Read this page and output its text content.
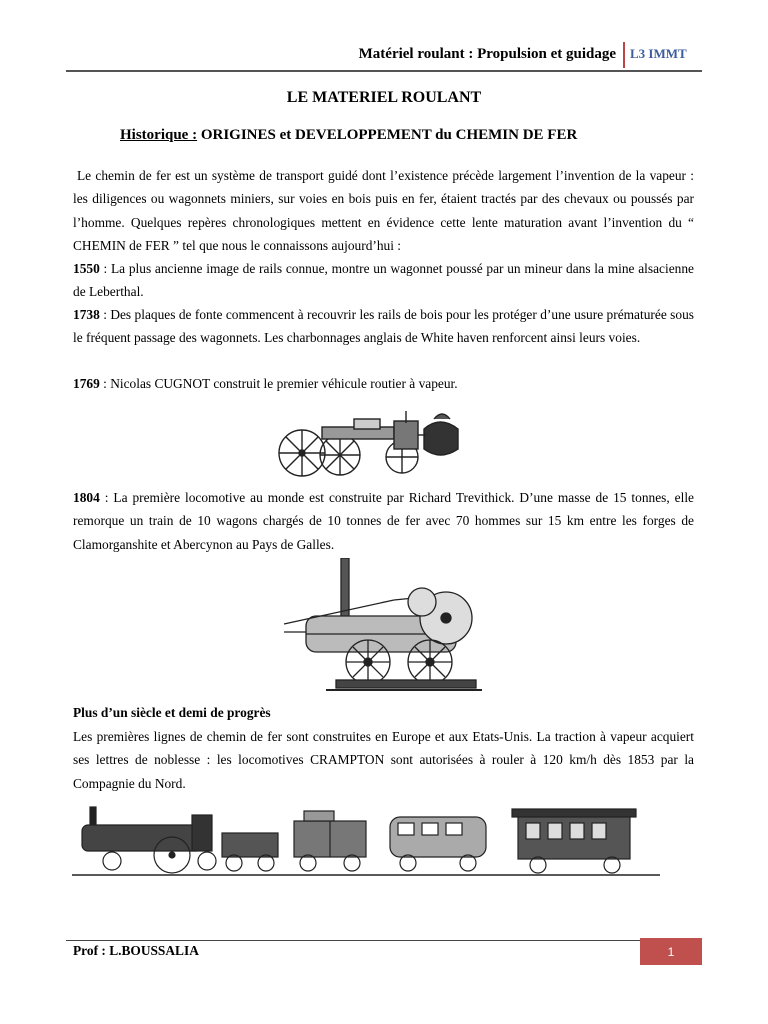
Matériel roulant : Propulsion et guidage L3 IMMT
LE MATERIEL ROULANT
Historique : ORIGINES et DEVELOPPEMENT du CHEMIN DE FER
Le chemin de fer est un système de transport guidé dont l’existence précède largement l’invention de la vapeur : les diligences ou wagonnets miniers, sur voies en bois puis en fer, étaient tractés par des chevaux ou poussés par l’homme. Quelques repères chronologiques mettent en évidence cette lente maturation avant l’invention du “ CHEMIN de FER ” tel que nous le connaissons aujourd’hui :
1550 : La plus ancienne image de rails connue, montre un wagonnet poussé par un mineur dans la mine alsacienne de Leberthal.
1738 : Des plaques de fonte commencent à recouvrir les rails de bois pour les protéger d’une usure prématurée sous le fréquent passage des wagonnets. Les charbonnages anglais de White haven renforcent ainsi leurs voies.
1769 : Nicolas CUGNOT construit le premier véhicule routier à vapeur.
1804 : La première locomotive au monde est construite par Richard Trevithick. D’une masse de 15 tonnes, elle remorque un train de 10 wagons chargés de 10 tonnes de fer avec 70 hommes sur 15 km entre les forges de Clamorganshite et Abercynon au Pays de Galles.
Plus d’un siècle et demi de progrès
Les premières lignes de chemin de fer sont construites en Europe et aux Etats-Unis. La traction à vapeur acquiert ses lettres de noblesse : les locomotives CRAMPTON sont autorisées à rouler à 120 km/h dès 1853 par la Compagnie du Nord.
Prof : L.BOUSSALIA	1
